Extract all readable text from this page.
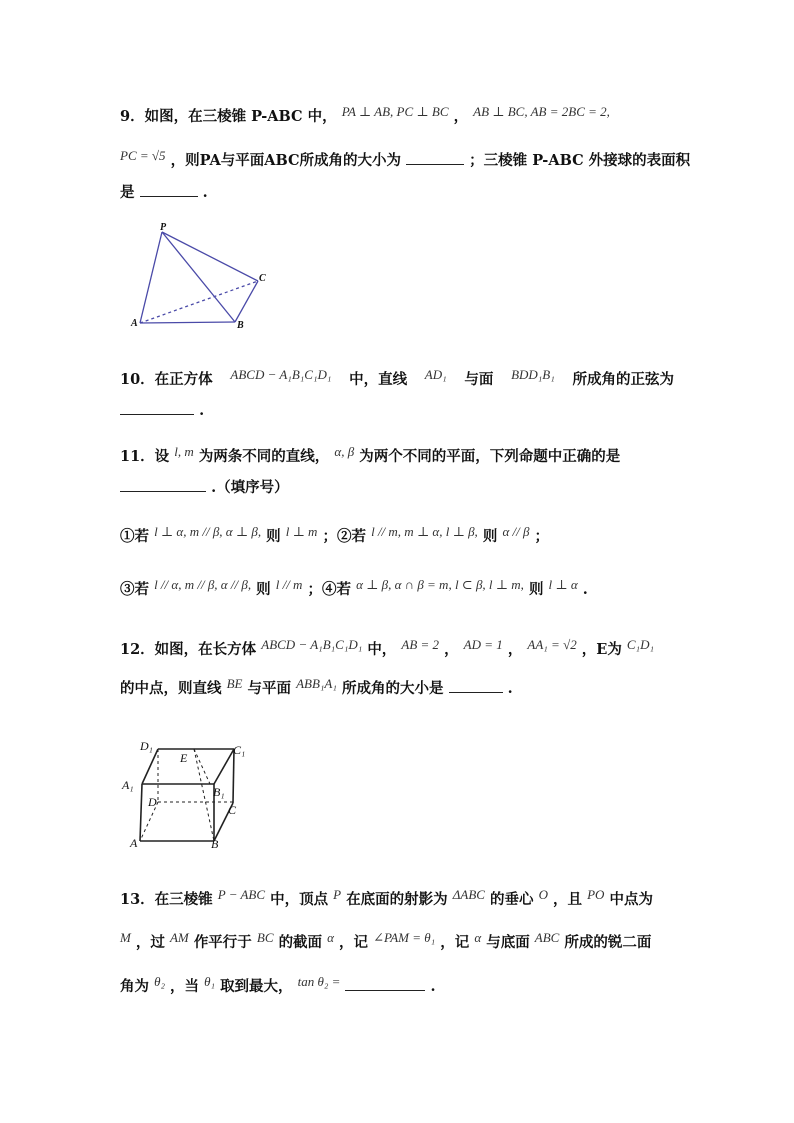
9．如图，在三棱锥 P-ABC 中， PA ⊥ AB, PC ⊥ BC ， AB ⊥ BC, AB = 2BC = 2,
PC = √5 ，则PA与平面ABC所成角的大小为	；三棱锥 P-ABC 外接球的表面积
是	.
P
A	B
C
10．在正方体 ABCD − A₁B₁C₁D₁ 中，直线 AD₁ 与面 BDD₁B₁ 所成角的正弦为
.
11．设 l, m 为两条不同的直线， α, β 为两个不同的平面，下列命题中正确的是
.（填序号）
①若 l ⊥ α, m // β, α ⊥ β, 则 l ⊥ m ；②若 l // m, m ⊥ α, l ⊥ β, 则 α // β ；
③若 l // α, m // β, α // β, 则 l // m ；④若 α ⊥ β, α ∩ β = m, l ⊂ β, l ⊥ m, 则 l ⊥ α .
12．如图，在长方体 ABCD − A₁B₁C₁D₁ 中， AB = 2 ， AD = 1 ， AA₁ = √2 ，E为 C₁D₁
的中点，则直线 BE 与平面 ABB₁A₁ 所成角的大小是	.
D₁
E
C₁
A₁
D
B₁
C
A	B
13．在三棱锥 P − ABC 中，顶点 P 在底面的射影为 ΔABC 的垂心 O ，且 PO 中点为
M ，过 AM 作平行于 BC 的截面 α ，记 ∠PAM = θ₁ ，记 α 与底面 ABC 所成的锐二面
角为 θ₂ ，当 θ₁ 取到最大， tan θ₂ =	.
